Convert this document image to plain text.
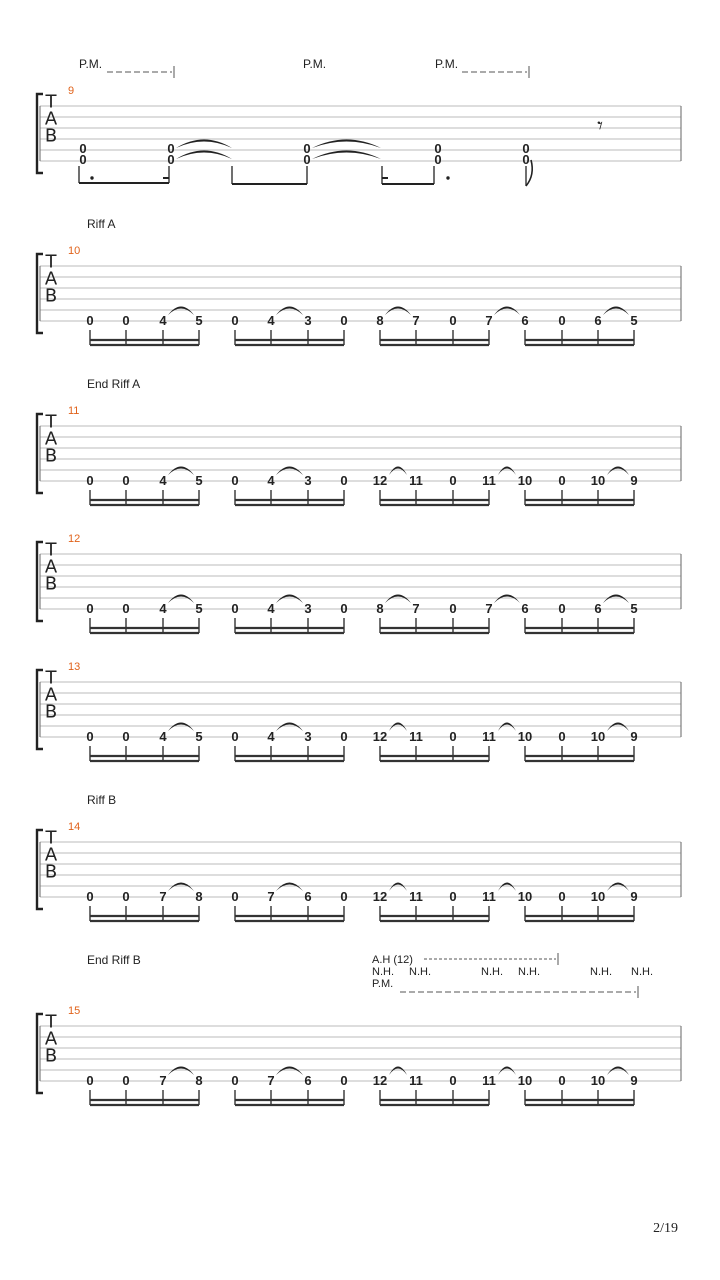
P.M.	P.M.	P.M.
9
T
A
B
0
0
0
0
0
0
0
0
0
0
𝄾
Riff A
10
T
A
B
0 0 4 5 0 4 3 0 8 7 0 7 6 0 6 5
End Riff A
11
T
A
B
0 0 4 5 0 4 3 0 12 11 0 11 10 0 10 9
12
T
A
B
0 0 4 5 0 4 3 0 8 7 0 7 6 0 6 5
13
T
A
B
0 0 4 5 0 4 3 0 12 11 0 11 10 0 10 9
Riff B
14
T
A
B
0 0 7 8 0 7 6 0 12 11 0 11 10 0 10 9
End Riff B
15
T
A
B
0 0 7 8 0 7 6 0 12 11 0 11 10 0 10 9
A.H (12)
N.H. N.H.	N.H. N.H.	N.H. N.H.
P.M.
2/19
